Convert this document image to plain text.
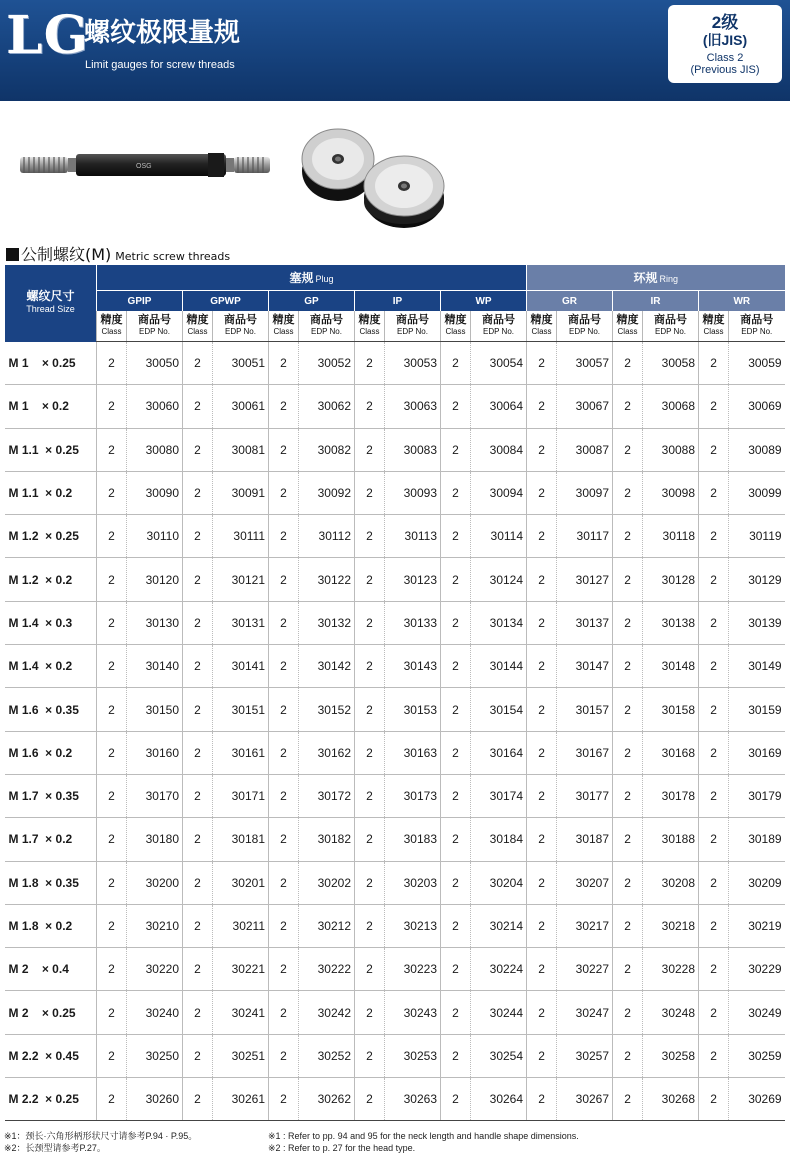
LG
螺纹极限量规
Limit gauges for screw threads
2级
(旧JIS)
Class 2
(Previous JIS)
OSG
公制螺纹(M) Metric screw threads
螺纹尺寸
Thread Size	塞规 Plug										环规 Ring					
	GPIP		GPWP		GP		IP		WP		GR		IR		WR	

	精度
Class	商品号
EDP No.	精度
Class	商品号
EDP No.	精度
Class	商品号
EDP No.	精度
Class	商品号
EDP No.	精度
Class	商品号
EDP No.	精度
Class	商品号
EDP No.	精度
Class	商品号
EDP No.	精度
Class	商品号
EDP No.

M 1    × 0.25	2	30050	2	30051	2	30052	2	30053	2	30054	2	30057	2	30058	2	30059
M 1    × 0.2	2	30060	2	30061	2	30062	2	30063	2	30064	2	30067	2	30068	2	30069
M 1.1  × 0.25	2	30080	2	30081	2	30082	2	30083	2	30084	2	30087	2	30088	2	30089
M 1.1  × 0.2	2	30090	2	30091	2	30092	2	30093	2	30094	2	30097	2	30098	2	30099
M 1.2  × 0.25	2	30110	2	30111	2	30112	2	30113	2	30114	2	30117	2	30118	2	30119
M 1.2  × 0.2	2	30120	2	30121	2	30122	2	30123	2	30124	2	30127	2	30128	2	30129
M 1.4  × 0.3	2	30130	2	30131	2	30132	2	30133	2	30134	2	30137	2	30138	2	30139
M 1.4  × 0.2	2	30140	2	30141	2	30142	2	30143	2	30144	2	30147	2	30148	2	30149
M 1.6  × 0.35	2	30150	2	30151	2	30152	2	30153	2	30154	2	30157	2	30158	2	30159
M 1.6  × 0.2	2	30160	2	30161	2	30162	2	30163	2	30164	2	30167	2	30168	2	30169
M 1.7  × 0.35	2	30170	2	30171	2	30172	2	30173	2	30174	2	30177	2	30178	2	30179
M 1.7  × 0.2	2	30180	2	30181	2	30182	2	30183	2	30184	2	30187	2	30188	2	30189
M 1.8  × 0.35	2	30200	2	30201	2	30202	2	30203	2	30204	2	30207	2	30208	2	30209
M 1.8  × 0.2	2	30210	2	30211	2	30212	2	30213	2	30214	2	30217	2	30218	2	30219
M 2    × 0.4	2	30220	2	30221	2	30222	2	30223	2	30224	2	30227	2	30228	2	30229
M 2    × 0.25	2	30240	2	30241	2	30242	2	30243	2	30244	2	30247	2	30248	2	30249
M 2.2  × 0.45	2	30250	2	30251	2	30252	2	30253	2	30254	2	30257	2	30258	2	30259
M 2.2  × 0.25	2	30260	2	30261	2	30262	2	30263	2	30264	2	30267	2	30268	2	30269
※1：颈长·六角形柄形状尺寸请参考P.94 · P.95。
※2：长颈型请参考P.27。
※1 : Refer to pp. 94 and 95 for the neck length and handle shape dimensions.
※2 : Refer to p. 27 for the head type.
